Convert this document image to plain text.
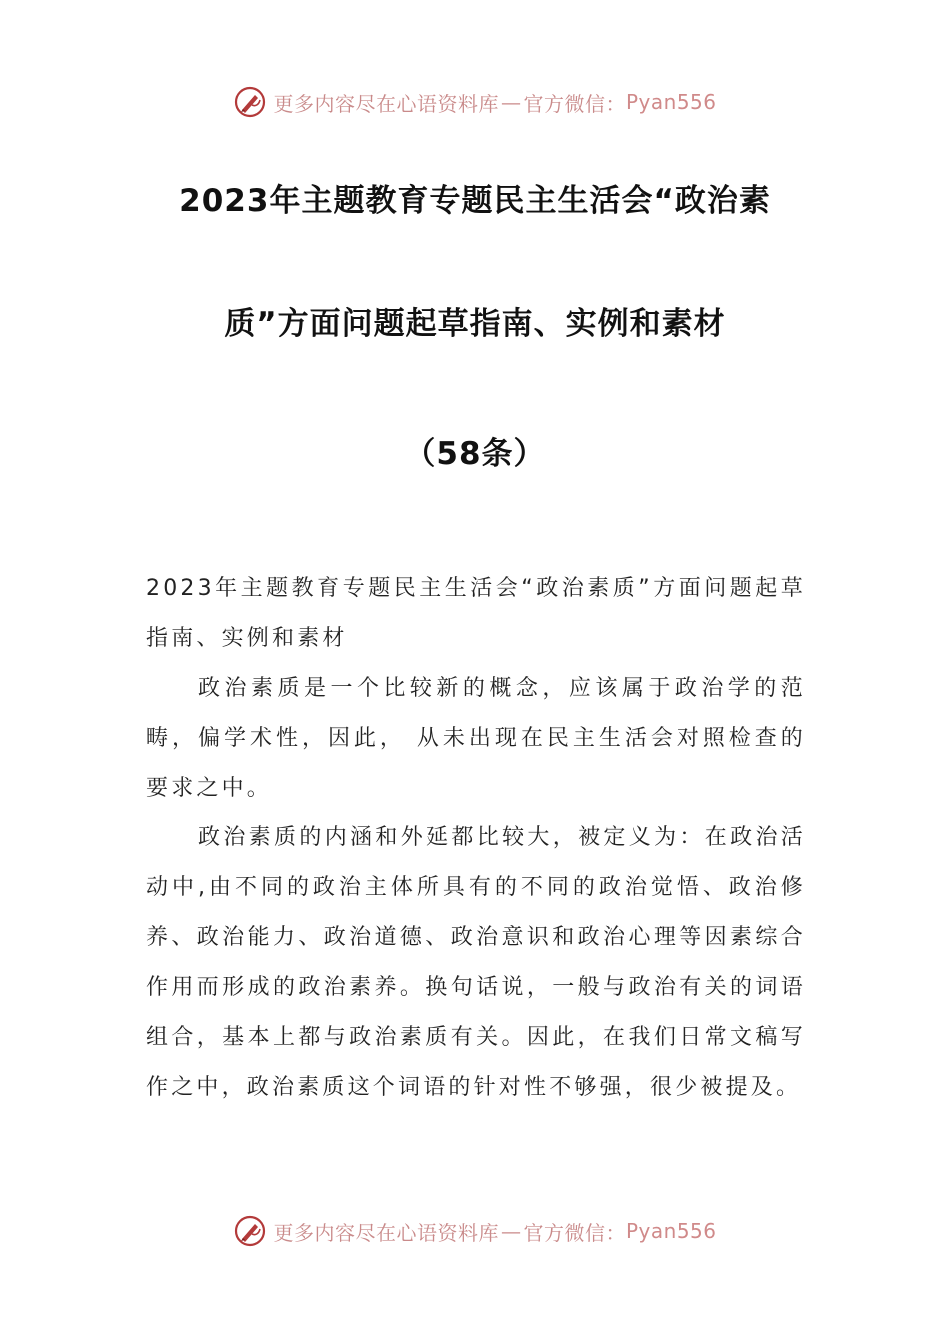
更多内容尽在心语资料库 — 官方微信： Pyan556
2023年主题教育专题民主生活会“政治素
质”方面问题起草指南、实例和素材
（58条）

2023年主题教育专题民主生活会“政治素质”方面问题起草指南、实例和素材

政治素质是一个比较新的概念，应该属于政治学的范畴，偏学术性，因此， 从未出现在民主生活会对照检查的要求之中。

政治素质的内涵和外延都比较大，被定义为：在政治活动中,由不同的政治主体所具有的不同的政治觉悟、政治修养、政治能力、政治道德、政治意识和政治心理等因素综合作用而形成的政治素养。换句话说，一般与政治有关的词语组合，基本上都与政治素质有关。因此，在我们日常文稿写作之中，政治素质这个词语的针对性不够强，很少被提及。

更多内容尽在心语资料库 — 官方微信： Pyan556
